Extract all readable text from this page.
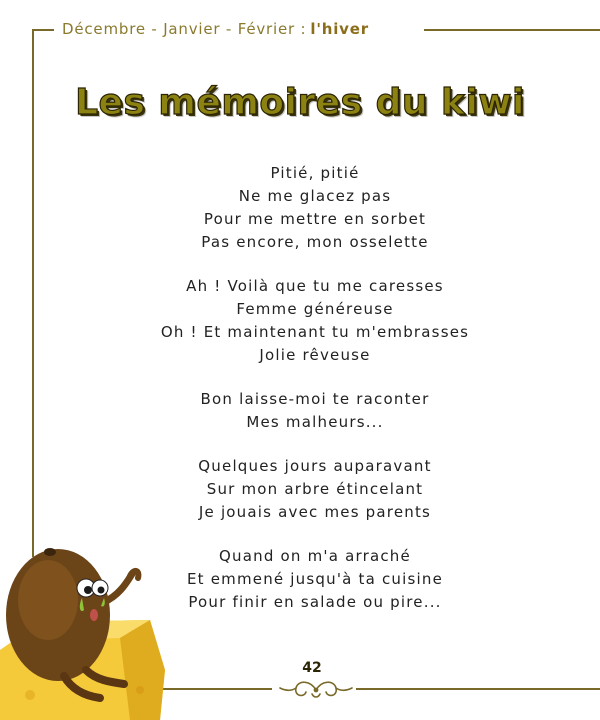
Décembre - Janvier - Février : l'hiver
Les mémoires du kiwi
Pitié, pitié
Ne me glacez pas
Pour me mettre en sorbet
Pas encore, mon osselette
Ah ! Voilà que tu me caresses
Femme généreuse
Oh ! Et maintenant tu m'embrasses
Jolie rêveuse
Bon laisse-moi te raconter
Mes malheurs...
Quelques jours auparavant
Sur mon arbre étincelant
Je jouais avec mes parents
Quand on m'a arraché
Et emmené jusqu'à ta cuisine
Pour finir en salade ou pire...
42
